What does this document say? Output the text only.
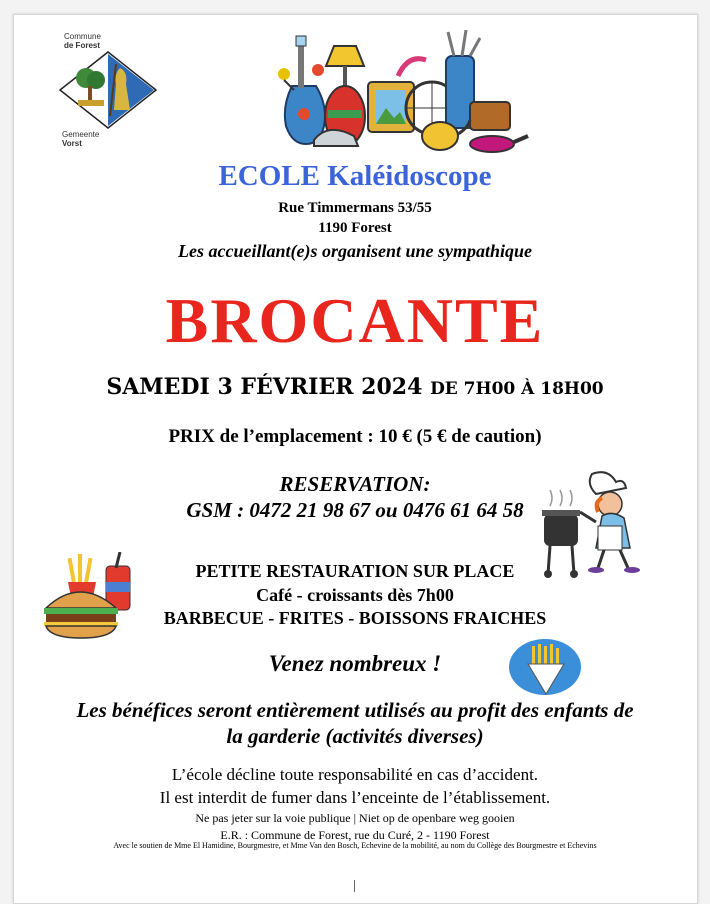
Commune
de Forest
Gemeente
Vorst
ECOLE Kaléidoscope
Rue Timmermans 53/55
1190 Forest
Les accueillant(e)s organisent une sympathique
BROCANTE
SAMEDI 3 FÉVRIER 2024 DE 7H00 À 18H00
PRIX de l’emplacement : 10 € (5 € de caution)
RESERVATION:
GSM : 0472 21 98 67 ou 0476 61 64 58
PETITE RESTAURATION SUR PLACE
Café - croissants dès 7h00
BARBECUE - FRITES - BOISSONS FRAICHES
Venez nombreux !
Les bénéfices seront entièrement utilisés au profit des enfants de
la garderie (activités diverses)
L’école décline toute responsabilité en cas d’accident.
Il est interdit de fumer dans l’enceinte de l’établissement.
Ne pas jeter sur la voie publique | Niet op de openbare weg gooien
E.R. : Commune de Forest, rue du Curé, 2 - 1190 Forest
Avec le soutien de Mme El Hamidine, Bourgmestre, et Mme Van den Bosch, Echevine de la mobilité, au nom du Collège des Bourgmestre et Echevins
